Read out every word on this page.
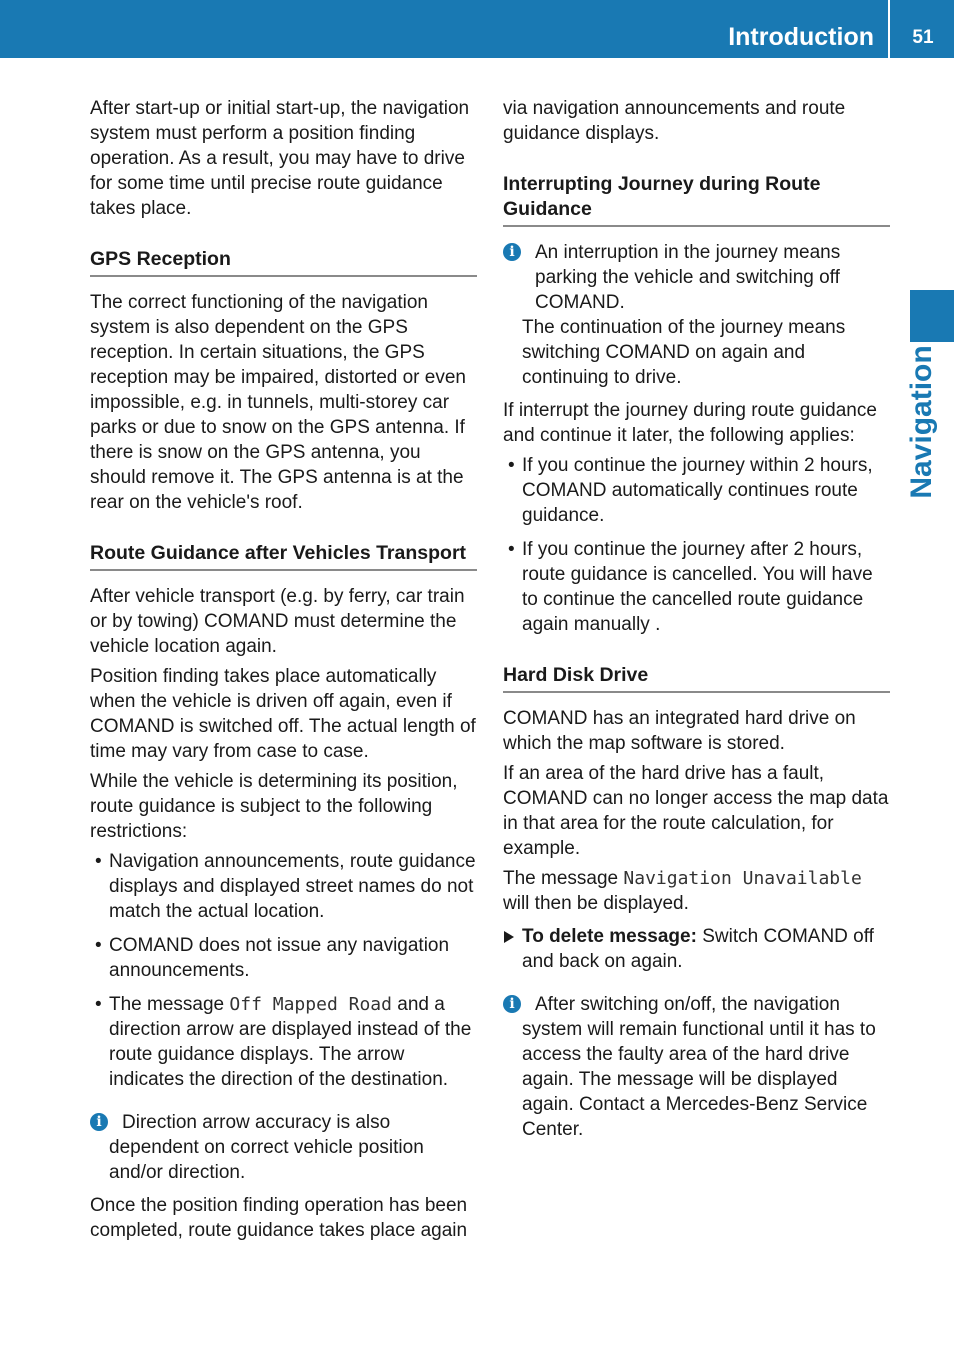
Introduction	51
Navigation

After start-up or initial start-up, the navigation system must perform a position finding operation. As a result, you may have to drive for some time until precise route guidance takes place.

GPS Reception

The correct functioning of the navigation system is also dependent on the GPS reception. In certain situations, the GPS reception may be impaired, distorted or even impossible, e.g. in tunnels, multi-storey car parks or due to snow on the GPS antenna. If there is snow on the GPS antenna, you should remove it. The GPS antenna is at the rear on the vehicle's roof.

Route Guidance after Vehicles Transport

After vehicle transport (e.g. by ferry, car train or by towing) COMAND must determine the vehicle location again.

Position finding takes place automatically when the vehicle is driven off again, even if COMAND is switched off. The actual length of time may vary from case to case.

While the vehicle is determining its position, route guidance is subject to the following restrictions:

• Navigation announcements, route guidance displays and displayed street names do not match the actual location.
• COMAND does not issue any navigation announcements.
• The message Off Mapped Road and a direction arrow are displayed instead of the route guidance displays. The arrow indicates the direction of the destination.
i	Direction arrow accuracy is also dependent on correct vehicle position and/or direction.

Once the position finding operation has been completed, route guidance takes place again

via navigation announcements and route guidance displays.

Interrupting Journey during Route Guidance
i	An interruption in the journey means parking the vehicle and switching off COMAND.
The continuation of the journey means switching COMAND on again and continuing to drive.

If interrupt the journey during route guidance and continue it later, the following applies:

• If you continue the journey within 2 hours, COMAND automatically continues route guidance.
• If you continue the journey after 2 hours, route guidance is cancelled. You will have to continue the cancelled route guidance again manually .
Hard Disk Drive

COMAND has an integrated hard drive on which the map software is stored.

If an area of the hard drive has a fault, COMAND can no longer access the map data in that area for the route calculation, for example.

The message Navigation Unavailable will then be displayed.

To delete message: Switch COMAND off and back on again.
i	After switching on/off, the navigation system will remain functional until it has to access the faulty area of the hard drive again. The message will be displayed again. Contact a Mercedes-Benz Service Center.
